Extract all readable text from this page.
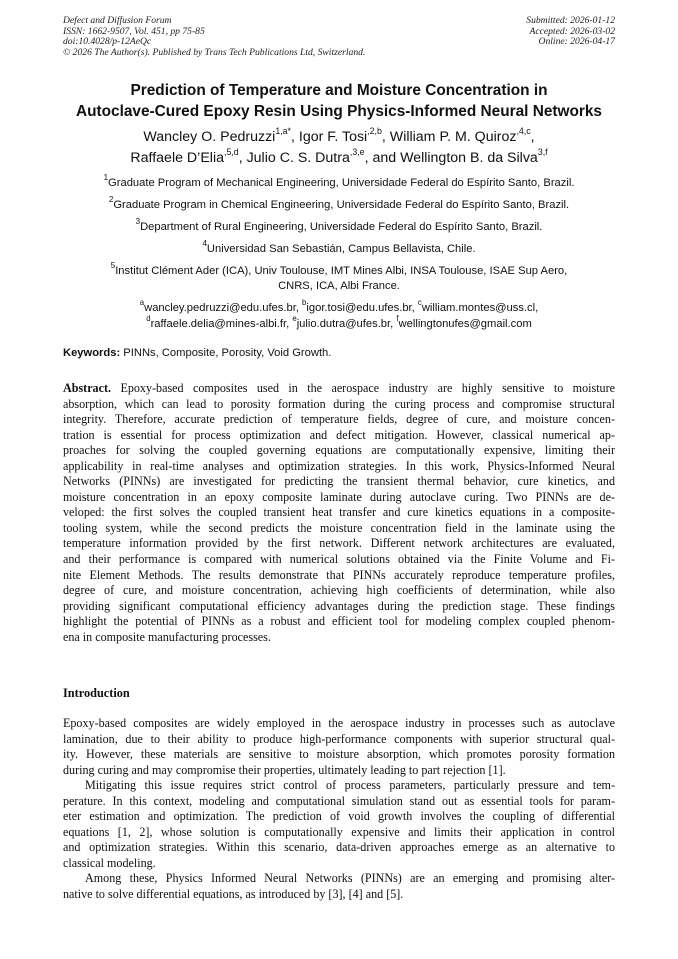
Defect and Diffusion Forum
ISSN: 1662-9507, Vol. 451, pp 75-85
doi:10.4028/p-12AeQc
© 2026 The Author(s). Published by Trans Tech Publications Ltd, Switzerland.
Submitted: 2026-01-12
Accepted: 2026-03-02
Online: 2026-04-17
Prediction of Temperature and Moisture Concentration in
Autoclave-Cured Epoxy Resin Using Physics-Informed Neural Networks
Wancley O. Pedruzzi$^{1,a*}$, Igor F. Tosi$^{,2,b}$, William P. M. Quiroz$^{,4,c}$,
Raffaele D’Elia$^{,5,d}$, Julio C. S. Dutra$^{,3,e}$, and Wellington B. da Silva$^{3,f}$
$^1$Graduate Program of Mechanical Engineering, Universidade Federal do Espírito Santo, Brazil.
$^2$Graduate Program in Chemical Engineering, Universidade Federal do Espírito Santo, Brazil.
$^3$Department of Rural Engineering, Universidade Federal do Espírito Santo, Brazil.
$^4$Universidad San Sebastián, Campus Bellavista, Chile.
$^5$Institut Clément Ader (ICA), Univ Toulouse, IMT Mines Albi, INSA Toulouse, ISAE Sup Aero,
CNRS, ICA, Albi France.
$^a$wancley.pedruzzi@edu.ufes.br, $^b$igor.tosi@edu.ufes.br, $^c$william.montes@uss.cl,
$^d$raffaele.delia@mines-albi.fr, $^e$julio.dutra@ufes.br, $^f$wellingtonufes@gmail.com
Keywords: PINNs, Composite, Porosity, Void Growth.
Abstract. Epoxy-based composites used in the aerospace industry are highly sensitive to moisture
absorption, which can lead to porosity formation during the curing process and compromise structural
integrity. Therefore, accurate prediction of temperature fields, degree of cure, and moisture concen-
tration is essential for process optimization and defect mitigation. However, classical numerical ap-
proaches for solving the coupled governing equations are computationally expensive, limiting their
applicability in real-time analyses and optimization strategies. In this work, Physics-Informed Neural
Networks (PINNs) are investigated for predicting the transient thermal behavior, cure kinetics, and
moisture concentration in an epoxy composite laminate during autoclave curing. Two PINNs are de-
veloped: the first solves the coupled transient heat transfer and cure kinetics equations in a composite-
tooling system, while the second predicts the moisture concentration field in the laminate using the
temperature information provided by the first network. Different network architectures are evaluated,
and their performance is compared with numerical solutions obtained via the Finite Volume and Fi-
nite Element Methods. The results demonstrate that PINNs accurately reproduce temperature profiles,
degree of cure, and moisture concentration, achieving high coefficients of determination, while also
providing significant computational efficiency advantages during the prediction stage. These findings
highlight the potential of PINNs as a robust and efficient tool for modeling complex coupled phenom-
ena in composite manufacturing processes.
Introduction
Epoxy-based composites are widely employed in the aerospace industry in processes such as autoclave
lamination, due to their ability to produce high-performance components with superior structural qual-
ity. However, these materials are sensitive to moisture absorption, which promotes porosity formation
during curing and may compromise their properties, ultimately leading to part rejection [1].
Mitigating this issue requires strict control of process parameters, particularly pressure and tem-
perature. In this context, modeling and computational simulation stand out as essential tools for param-
eter estimation and optimization. The prediction of void growth involves the coupling of differential
equations [1, 2], whose solution is computationally expensive and limits their application in control
and optimization strategies. Within this scenario, data-driven approaches emerge as an alternative to
classical modeling.
Among these, Physics Informed Neural Networks (PINNs) are an emerging and promising alter-
native to solve differential equations, as introduced by [3], [4] and [5].
